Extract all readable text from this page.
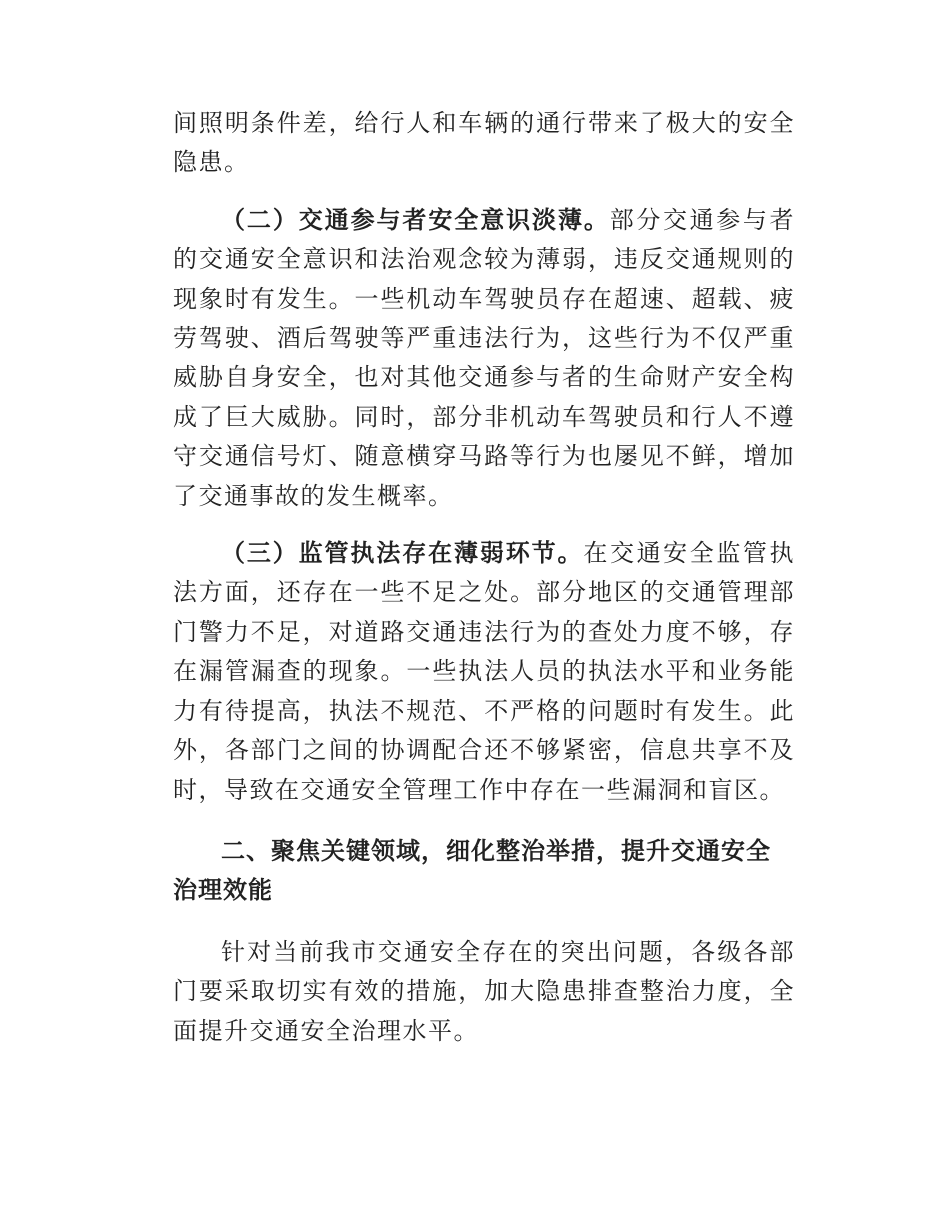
间照明条件差，给行人和车辆的通行带来了极大的安全隐患。

（二）交通参与者安全意识淡薄。部分交通参与者的交通安全意识和法治观念较为薄弱，违反交通规则的现象时有发生。一些机动车驾驶员存在超速、超载、疲劳驾驶、酒后驾驶等严重违法行为，这些行为不仅严重威胁自身安全，也对其他交通参与者的生命财产安全构成了巨大威胁。同时，部分非机动车驾驶员和行人不遵守交通信号灯、随意横穿马路等行为也屡见不鲜，增加了交通事故的发生概率。

（三）监管执法存在薄弱环节。在交通安全监管执法方面，还存在一些不足之处。部分地区的交通管理部门警力不足，对道路交通违法行为的查处力度不够，存在漏管漏查的现象。一些执法人员的执法水平和业务能力有待提高，执法不规范、不严格的问题时有发生。此外，各部门之间的协调配合还不够紧密，信息共享不及时，导致在交通安全管理工作中存在一些漏洞和盲区。

二、聚焦关键领域，细化整治举措，提升交通安全治理效能

针对当前我市交通安全存在的突出问题，各级各部门要采取切实有效的措施，加大隐患排查整治力度，全面提升交通安全治理水平。
